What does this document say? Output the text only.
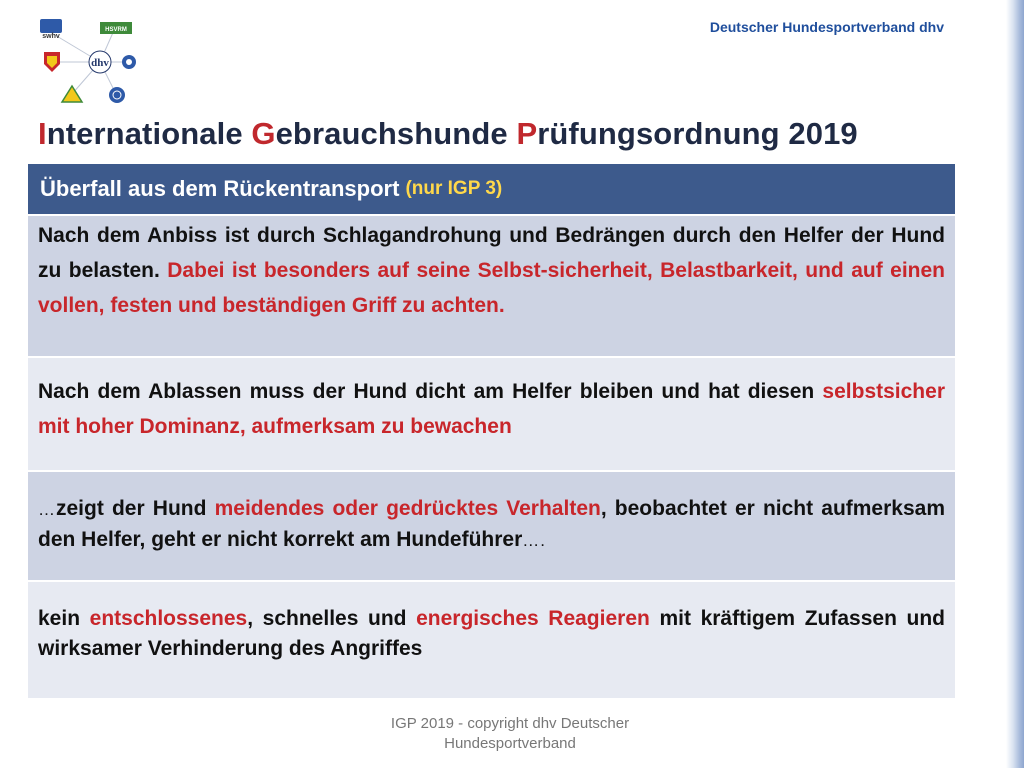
Deutscher Hundesportverband dhv
swhv
HSVRM
dhv
Internationale Gebrauchshunde Prüfungsordnung 2019
Überfall aus dem Rückentransport (nur IGP 3)
Nach dem Anbiss ist durch Schlagandrohung und Bedrängen durch den Helfer der Hund zu belasten. Dabei ist besonders auf seine Selbst-sicherheit, Belastbarkeit, und auf einen vollen, festen und beständigen Griff zu achten.
Nach dem Ablassen muss der Hund dicht am Helfer bleiben und hat diesen selbstsicher mit hoher Dominanz, aufmerksam zu bewachen
…zeigt der Hund meidendes oder gedrücktes Verhalten, beobachtet er nicht aufmerksam den Helfer, geht er nicht korrekt am Hundeführer….
kein entschlossenes, schnelles und energisches Reagieren mit kräftigem Zufassen und wirksamer Verhinderung des Angriffes
IGP 2019 - copyright dhv Deutscher
Hundesportverband
